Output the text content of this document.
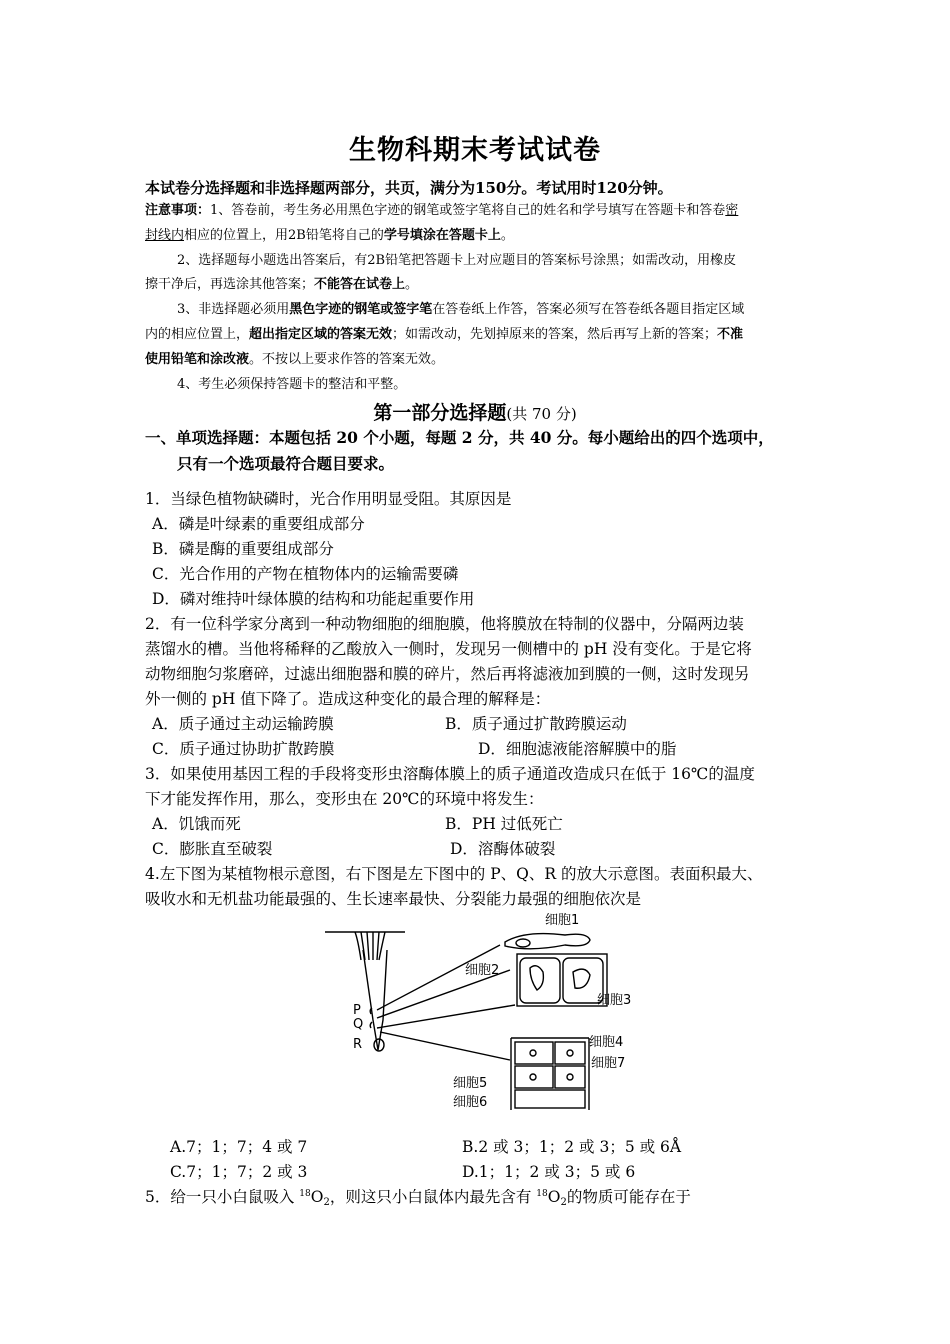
生物科期末考试试卷
本试卷分选择题和非选择题两部分，共页，满分为150分。考试用时120分钟。
注意事项：1、答卷前，考生务必用黑色字迹的钢笔或签字笔将自己的姓名和学号填写在答题卡和答卷密
封线内相应的位置上，用2B铅笔将自己的学号填涂在答题卡上。
2、选择题每小题选出答案后，有2B铅笔把答题卡上对应题目的答案标号涂黑；如需改动，用橡皮
擦干净后，再选涂其他答案；不能答在试卷上。
3、非选择题必须用黑色字迹的钢笔或签字笔在答卷纸上作答，答案必须写在答卷纸各题目指定区域
内的相应位置上，超出指定区域的答案无效；如需改动，先划掉原来的答案，然后再写上新的答案；不准
使用铅笔和涂改液。不按以上要求作答的答案无效。
4、考生必须保持答题卡的整洁和平整。
第一部分选择题(共 70 分)
一、单项选择题：本题包括 20 个小题，每题 2 分，共 40 分。每小题给出的四个选项中，
只有一个选项最符合题目要求。
1．当绿色植物缺磷时，光合作用明显受阻。其原因是
A．磷是叶绿素的重要组成部分
B．磷是酶的重要组成部分
C．光合作用的产物在植物体内的运输需要磷
D．磷对维持叶绿体膜的结构和功能起重要作用
2．有一位科学家分离到一种动物细胞的细胞膜，他将膜放在特制的仪器中，分隔两边装
蒸馏水的槽。当他将稀释的乙酸放入一侧时，发现另一侧槽中的 pH 没有变化。于是它将
动物细胞匀浆磨碎，过滤出细胞器和膜的碎片，然后再将滤液加到膜的一侧，这时发现另
外一侧的 pH 值下降了。造成这种变化的最合理的解释是：
A．质子通过主动运输跨膜	B．质子通过扩散跨膜运动
C．质子通过协助扩散跨膜	D．细胞滤液能溶解膜中的脂
3．如果使用基因工程的手段将变形虫溶酶体膜上的质子通道改造成只在低于 16℃的温度
下才能发挥作用，那么，变形虫在 20℃的环境中将发生：
A．饥饿而死	B．PH 过低死亡
C．膨胀直至破裂	D．溶酶体破裂
4.左下图为某植物根示意图，右下图是左下图中的 P、Q、R 的放大示意图。表面积最大、
吸收水和无机盐功能最强的、生长速率最快、分裂能力最强的细胞依次是
细胞1
细胞2
细胞3
细胞4
细胞7
细胞5
细胞6
P
Q
R
A.7；1；7；4 或 7	B.2 或 3；1；2 或 3；5 或 6Å
C.7；1；7；2 或 3	D.1；1；2 或 3；5 或 6
5．给一只小白鼠吸入 $^{18}O_2$，则这只小白鼠体内最先含有 $^{18}O_2$的物质可能存在于
